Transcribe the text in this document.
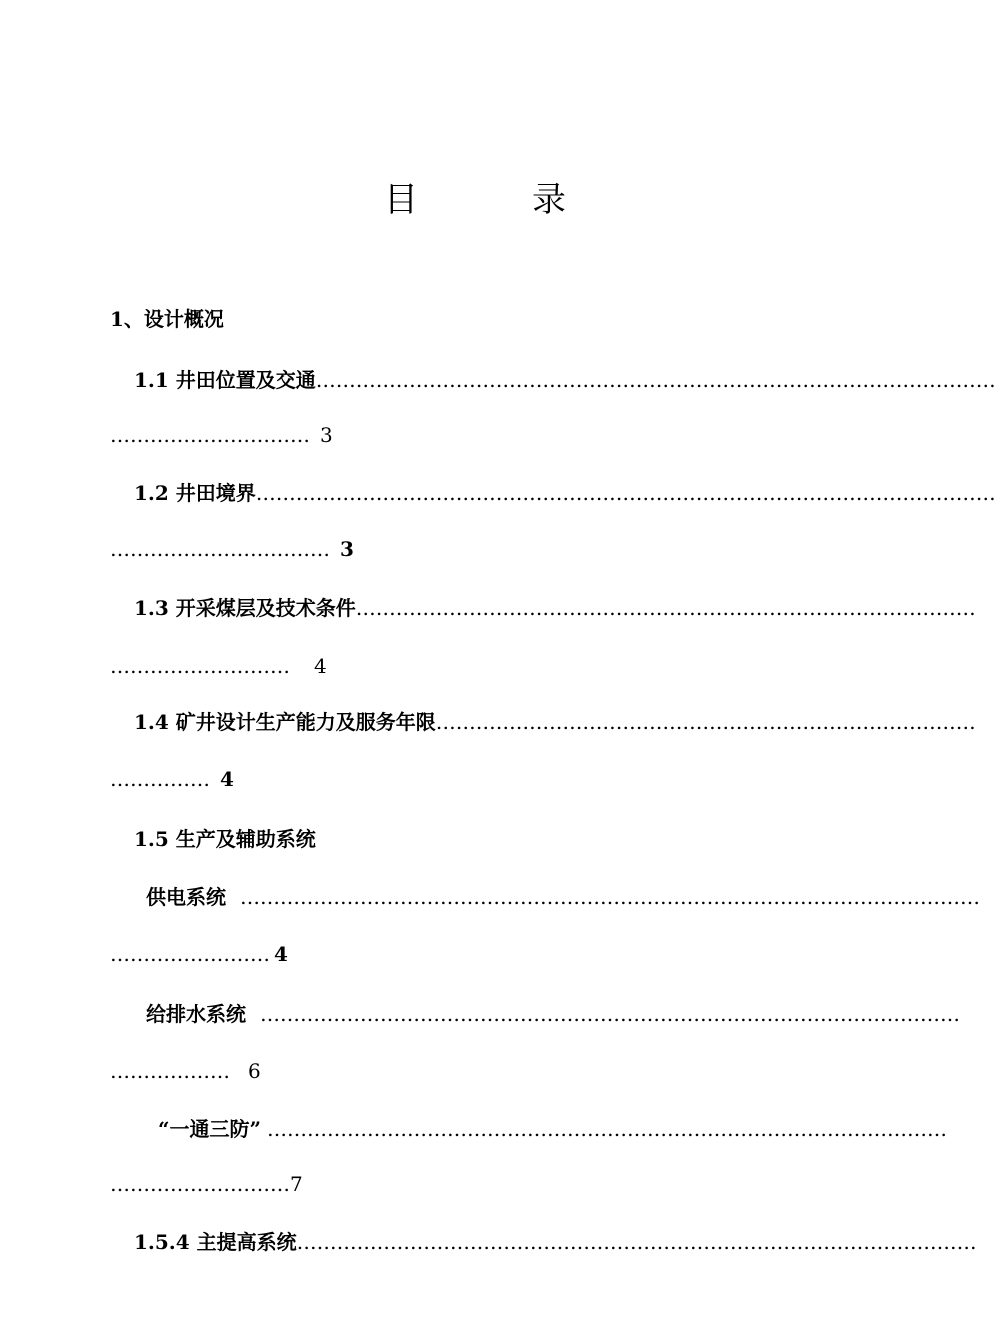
目　录
1、设计概况
1.1 井田位置及交通…………………………………………………………………………………………
………………………… 3
1.2 井田境界…………………………………………………………………………………………………
…………………………… 3
1.3 开采煤层及技术条件…………………………………………………………………………………
……………………… 4
1.4 矿井设计生产能力及服务年限………………………………………………………………………
…………… 4
1.5 生产及辅助系统
供电系统 …………………………………………………………………………………………………
…………………… 4
给排水系统 ……………………………………………………………………………………………
……………… 6
“一通三防” …………………………………………………………………………………………
………………………7
1.5.4 主提高系统…………………………………………………………………………………………
